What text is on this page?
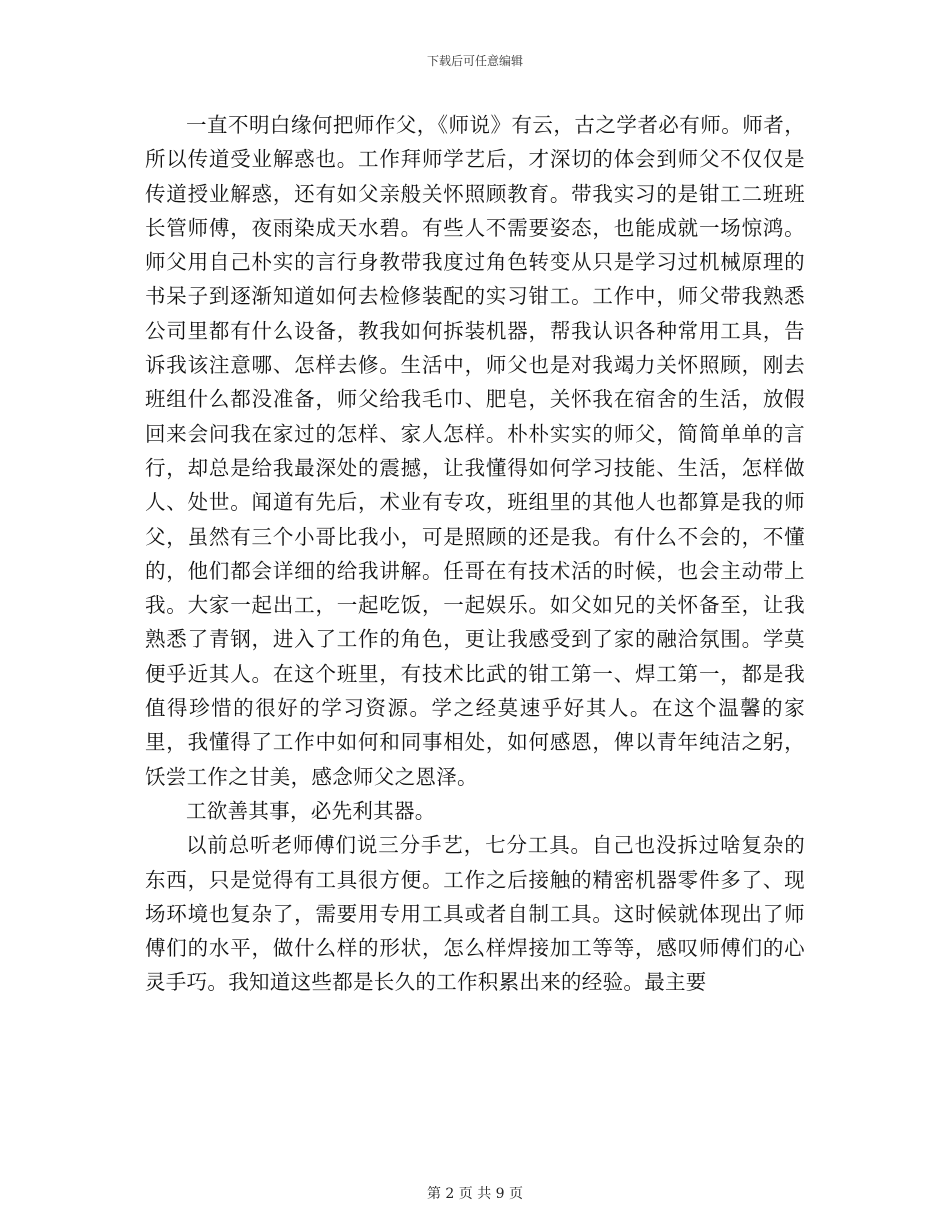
下载后可任意编辑

一直不明白缘何把师作父，《师说》有云，古之学者必有师。师者，所以传道受业解惑也。工作拜师学艺后，才深切的体会到师父不仅仅是传道授业解惑，还有如父亲般关怀照顾教育。带我实习的是钳工二班班长管师傅，夜雨染成天水碧。有些人不需要姿态，也能成就一场惊鸿。师父用自己朴实的言行身教带我度过角色转变从只是学习过机械原理的书呆子到逐渐知道如何去检修装配的实习钳工。工作中，师父带我熟悉公司里都有什么设备，教我如何拆装机器，帮我认识各种常用工具，告诉我该注意哪、怎样去修。生活中，师父也是对我竭力关怀照顾，刚去班组什么都没准备，师父给我毛巾、肥皂，关怀我在宿舍的生活，放假回来会问我在家过的怎样、家人怎样。朴朴实实的师父，简简单单的言行，却总是给我最深处的震撼，让我懂得如何学习技能、生活，怎样做人、处世。闻道有先后，术业有专攻，班组里的其他人也都算是我的师父，虽然有三个小哥比我小，可是照顾的还是我。有什么不会的，不懂的，他们都会详细的给我讲解。任哥在有技术活的时候，也会主动带上我。大家一起出工，一起吃饭，一起娱乐。如父如兄的关怀备至，让我熟悉了青钢，进入了工作的角色，更让我感受到了家的融洽氛围。学莫便乎近其人。在这个班里，有技术比武的钳工第一、焊工第一，都是我值得珍惜的很好的学习资源。学之经莫速乎好其人。在这个温馨的家里，我懂得了工作中如何和同事相处，如何感恩，俾以青年纯洁之躬，饫尝工作之甘美，感念师父之恩泽。

工欲善其事，必先利其器。

以前总听老师傅们说三分手艺，七分工具。自己也没拆过啥复杂的东西，只是觉得有工具很方便。工作之后接触的精密机器零件多了、现场环境也复杂了，需要用专用工具或者自制工具。这时候就体现出了师傅们的水平，做什么样的形状，怎么样焊接加工等等，感叹师傅们的心灵手巧。我知道这些都是长久的工作积累出来的经验。最主要

第 2 页 共 9 页
